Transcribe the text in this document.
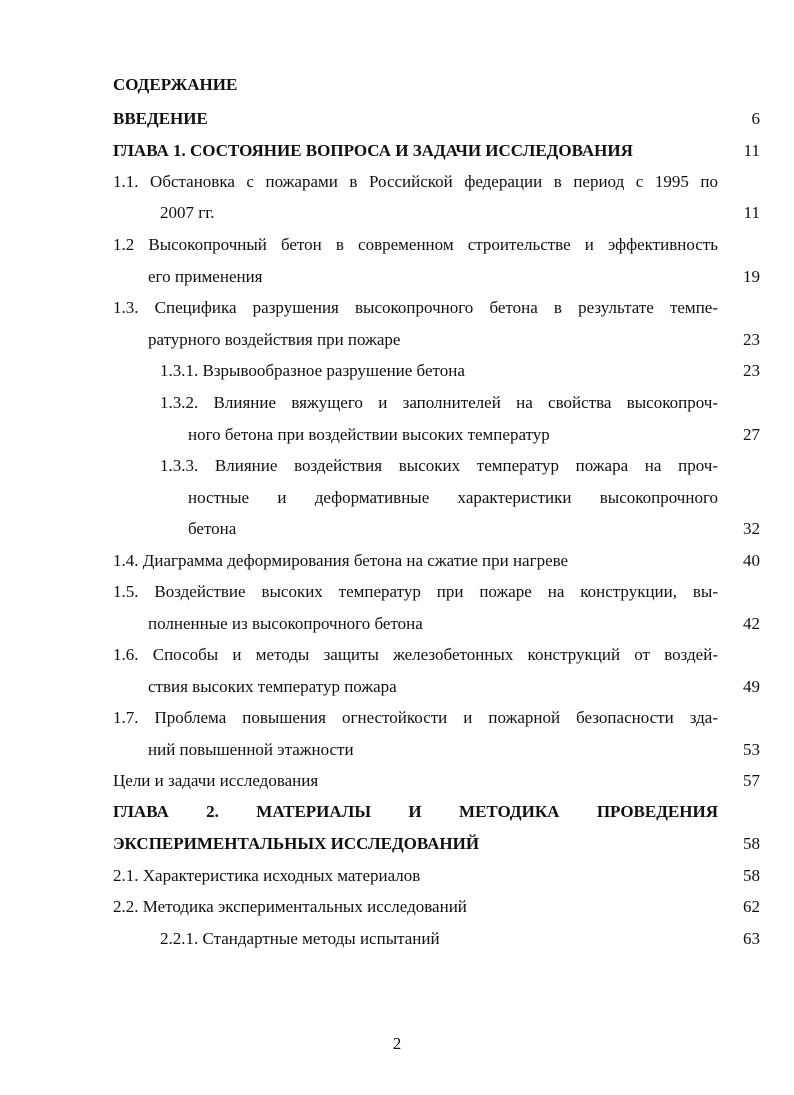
СОДЕРЖАНИЕ
ВВЕДЕНИЕ	6
ГЛАВА 1. СОСТОЯНИЕ ВОПРОСА И ЗАДАЧИ ИССЛЕДОВАНИЯ	11
1.1. Обстановка с пожарами в Российской федерации в период с 1995 по
2007 гг.	11
1.2 Высокопрочный бетон в современном строительстве и эффективность
его применения	19
1.3. Специфика разрушения высокопрочного бетона в результате темпе-
ратурного воздействия при пожаре	23
1.3.1. Взрывообразное разрушение бетона	23
1.3.2. Влияние вяжущего и заполнителей на свойства высокопроч-
ного бетона при воздействии высоких температур	27
1.3.3. Влияние воздействия высоких температур пожара на проч-
ностные и деформативные характеристики высокопрочного
бетона	32
1.4. Диаграмма деформирования бетона на сжатие при нагреве	40
1.5. Воздействие высоких температур при пожаре на конструкции, вы-
полненные из высокопрочного бетона	42
1.6. Способы и методы защиты железобетонных конструкций от воздей-
ствия высоких температур пожара	49
1.7. Проблема повышения огнестойкости и пожарной безопасности зда-
ний повышенной этажности	53
Цели и задачи исследования	57
ГЛАВА 2. МАТЕРИАЛЫ И МЕТОДИКА ПРОВЕДЕНИЯ
ЭКСПЕРИМЕНТАЛЬНЫХ ИССЛЕДОВАНИЙ	58
2.1. Характеристика исходных материалов	58
2.2. Методика экспериментальных исследований	62
2.2.1. Стандартные методы испытаний	63
2
